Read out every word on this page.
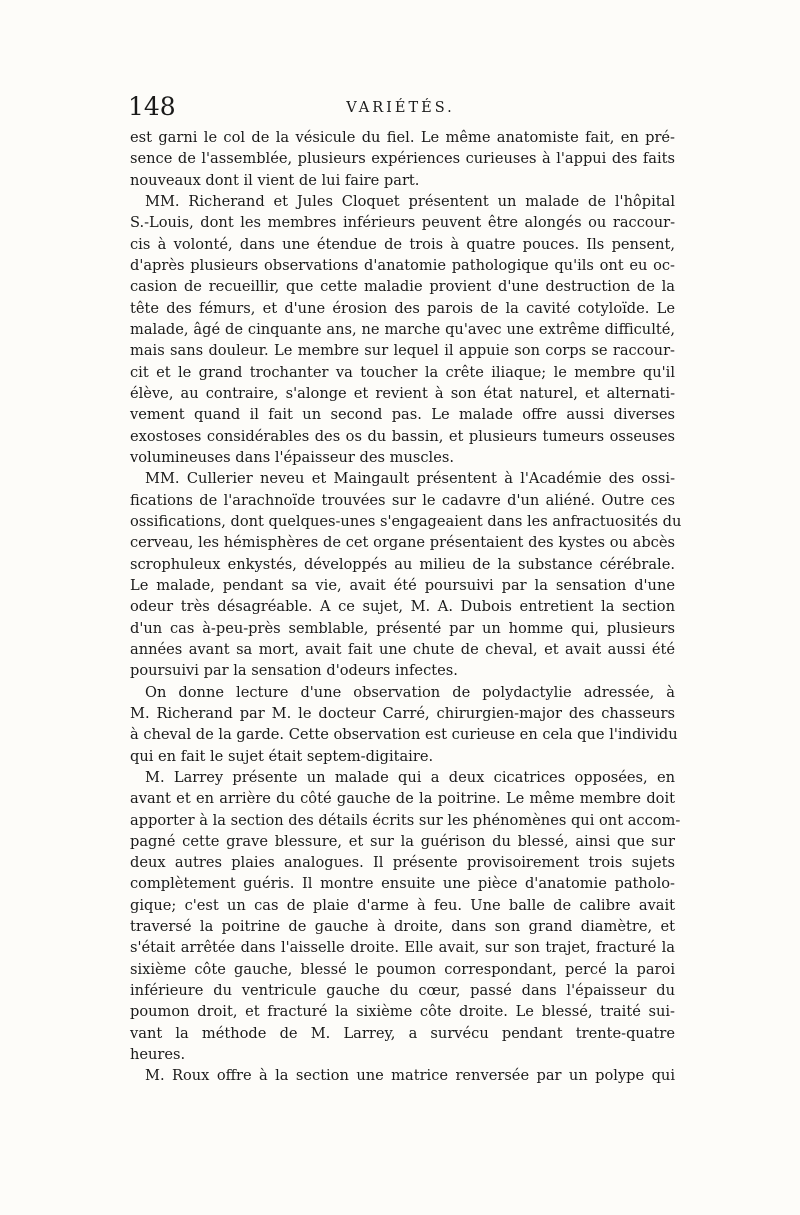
148	VARIÉTÉS.
est garni le col de la vésicule du fiel. Le même anatomiste fait, en pré-
sence de l'assemblée, plusieurs expériences curieuses à l'appui des faits
nouveaux dont il vient de lui faire part.
MM. Richerand et Jules Cloquet présentent un malade de l'hôpital
S.-Louis, dont les membres inférieurs peuvent être alongés ou raccour-
cis à volonté, dans une étendue de trois à quatre pouces. Ils pensent,
d'après plusieurs observations d'anatomie pathologique qu'ils ont eu oc-
casion de recueillir, que cette maladie provient d'une destruction de la
tête des fémurs, et d'une érosion des parois de la cavité cotyloïde. Le
malade, âgé de cinquante ans, ne marche qu'avec une extrême difficulté,
mais sans douleur. Le membre sur lequel il appuie son corps se raccour-
cit et le grand trochanter va toucher la crête iliaque; le membre qu'il
élève, au contraire, s'alonge et revient à son état naturel, et alternati-
vement quand il fait un second pas. Le malade offre aussi diverses
exostoses considérables des os du bassin, et plusieurs tumeurs osseuses
volumineuses dans l'épaisseur des muscles.
MM. Cullerier neveu et Maingault présentent à l'Académie des ossi-
fications de l'arachnoïde trouvées sur le cadavre d'un aliéné. Outre ces
ossifications, dont quelques-unes s'engageaient dans les anfractuosités du
cerveau, les hémisphères de cet organe présentaient des kystes ou abcès
scrophuleux enkystés, développés au milieu de la substance cérébrale.
Le malade, pendant sa vie, avait été poursuivi par la sensation d'une
odeur très désagréable. A ce sujet, M. A. Dubois entretient la section
d'un cas à-peu-près semblable, présenté par un homme qui, plusieurs
années avant sa mort, avait fait une chute de cheval, et avait aussi été
poursuivi par la sensation d'odeurs infectes.
On donne lecture d'une observation de polydactylie adressée, à
M. Richerand par M. le docteur Carré, chirurgien-major des chasseurs
à cheval de la garde. Cette observation est curieuse en cela que l'individu
qui en fait le sujet était septem-digitaire.
M. Larrey présente un malade qui a deux cicatrices opposées, en
avant et en arrière du côté gauche de la poitrine. Le même membre doit
apporter à la section des détails écrits sur les phénomènes qui ont accom-
pagné cette grave blessure, et sur la guérison du blessé, ainsi que sur
deux autres plaies analogues. Il présente provisoirement trois sujets
complètement guéris. Il montre ensuite une pièce d'anatomie patholo-
gique; c'est un cas de plaie d'arme à feu. Une balle de calibre avait
traversé la poitrine de gauche à droite, dans son grand diamètre, et
s'était arrêtée dans l'aisselle droite. Elle avait, sur son trajet, fracturé la
sixième côte gauche, blessé le poumon correspondant, percé la paroi
inférieure du ventricule gauche du cœur, passé dans l'épaisseur du
poumon droit, et fracturé la sixième côte droite. Le blessé, traité sui-
vant la méthode de M. Larrey, a survécu pendant trente-quatre
heures.
M. Roux offre à la section une matrice renversée par un polype qui
